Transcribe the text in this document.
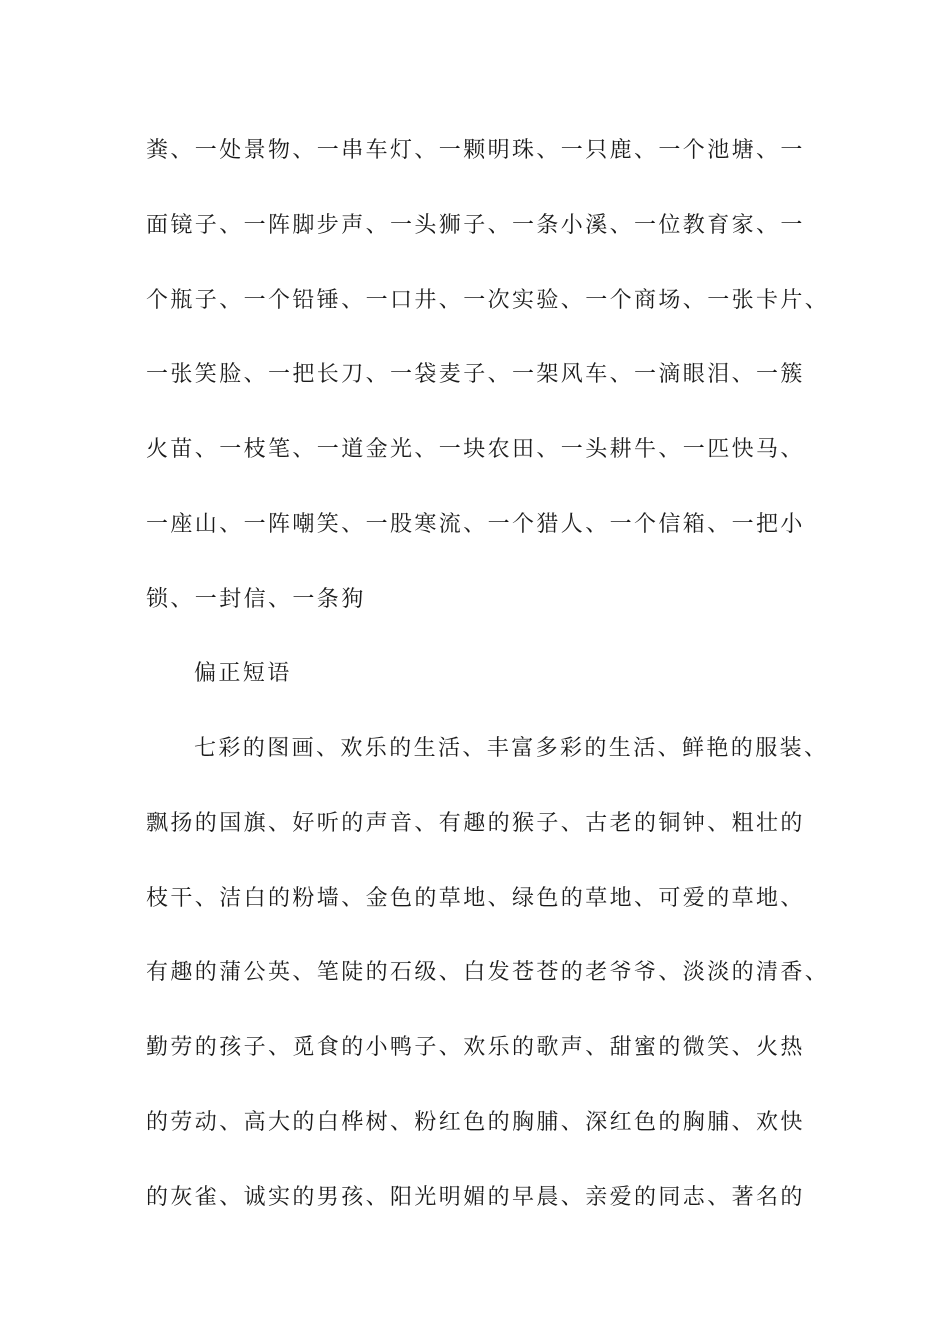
粪、一处景物、一串车灯、一颗明珠、一只鹿、一个池塘、一
面镜子、一阵脚步声、一头狮子、一条小溪、一位教育家、一
个瓶子、一个铅锤、一口井、一次实验、一个商场、一张卡片、
一张笑脸、一把长刀、一袋麦子、一架风车、一滴眼泪、一簇
火苗、一枝笔、一道金光、一块农田、一头耕牛、一匹快马、
一座山、一阵嘲笑、一股寒流、一个猎人、一个信箱、一把小
锁、一封信、一条狗
偏正短语
七彩的图画、欢乐的生活、丰富多彩的生活、鲜艳的服装、
飘扬的国旗、好听的声音、有趣的猴子、古老的铜钟、粗壮的
枝干、洁白的粉墙、金色的草地、绿色的草地、可爱的草地、
有趣的蒲公英、笔陡的石级、白发苍苍的老爷爷、淡淡的清香、
勤劳的孩子、觅食的小鸭子、欢乐的歌声、甜蜜的微笑、火热
的劳动、高大的白桦树、粉红色的胸脯、深红色的胸脯、欢快
的灰雀、诚实的男孩、阳光明媚的早晨、亲爱的同志、著名的
